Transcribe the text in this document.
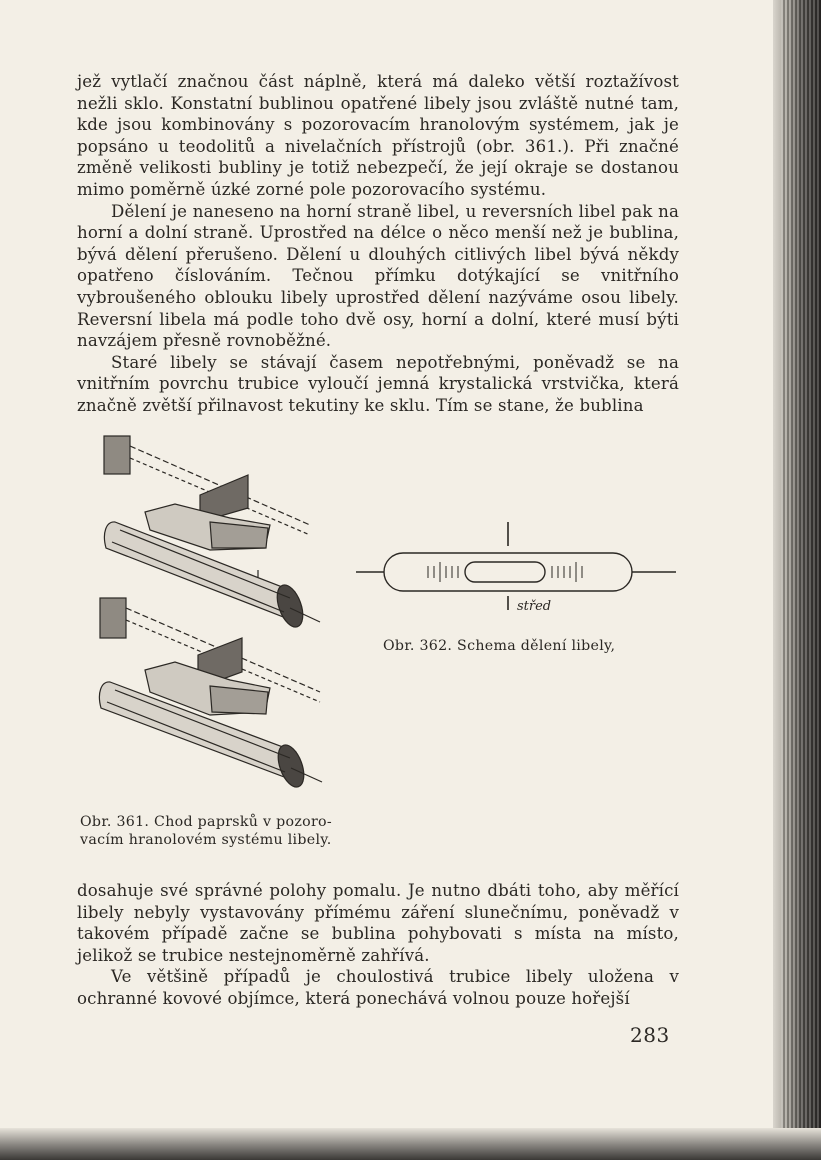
jež vytlačí značnou část náplně, která má daleko větší roztažívost nežli sklo. Konstatní bublinou opatřené libely jsou zvláště nutné tam, kde jsou kombinovány s pozorovacím hranolovým systémem, jak je popsáno u teodolitů a nivelačních přístrojů (obr. 361.). Při značné změně velikosti bubliny je totiž nebezpečí, že její okraje se dostanou mimo poměrně úzké zorné pole pozorovacího systému.

Dělení je naneseno na horní straně libel, u reversních libel pak na horní a dolní straně. Uprostřed na délce o něco menší než je bublina, bývá dělení přerušeno. Dělení u dlouhých citlivých libel bývá někdy opatřeno číslováním. Tečnou přímku dotýkající se vnitřního vybroušeného oblouku libely uprostřed dělení nazýváme osou libely. Reversní libela má podle toho dvě osy, horní a dolní, které musí býti navzájem přesně rovnoběžné.

Staré libely se stávají časem nepotřebnými, poněvadž se na vnitřním povrchu trubice vyloučí jemná krystalická vrstvička, která značně zvětší přilnavost tekutiny ke sklu. Tím se stane, že bublina

Obr. 361. Chod paprsků v pozoro-
vacím hranolovém systému libely.
střed
Obr. 362. Schema dělení libely,

dosahuje své správné polohy pomalu. Je nutno dbáti toho, aby měřící libely nebyly vystavovány přímému záření slunečnímu, poněvadž v takovém případě začne se bublina pohybovati s místa na místo, jelikož se trubice nestejnoměrně zahřívá.

Ve většině případů je choulostivá trubice libely uložena v ochranné kovové objímce, která ponechává volnou pouze hořejší

283
